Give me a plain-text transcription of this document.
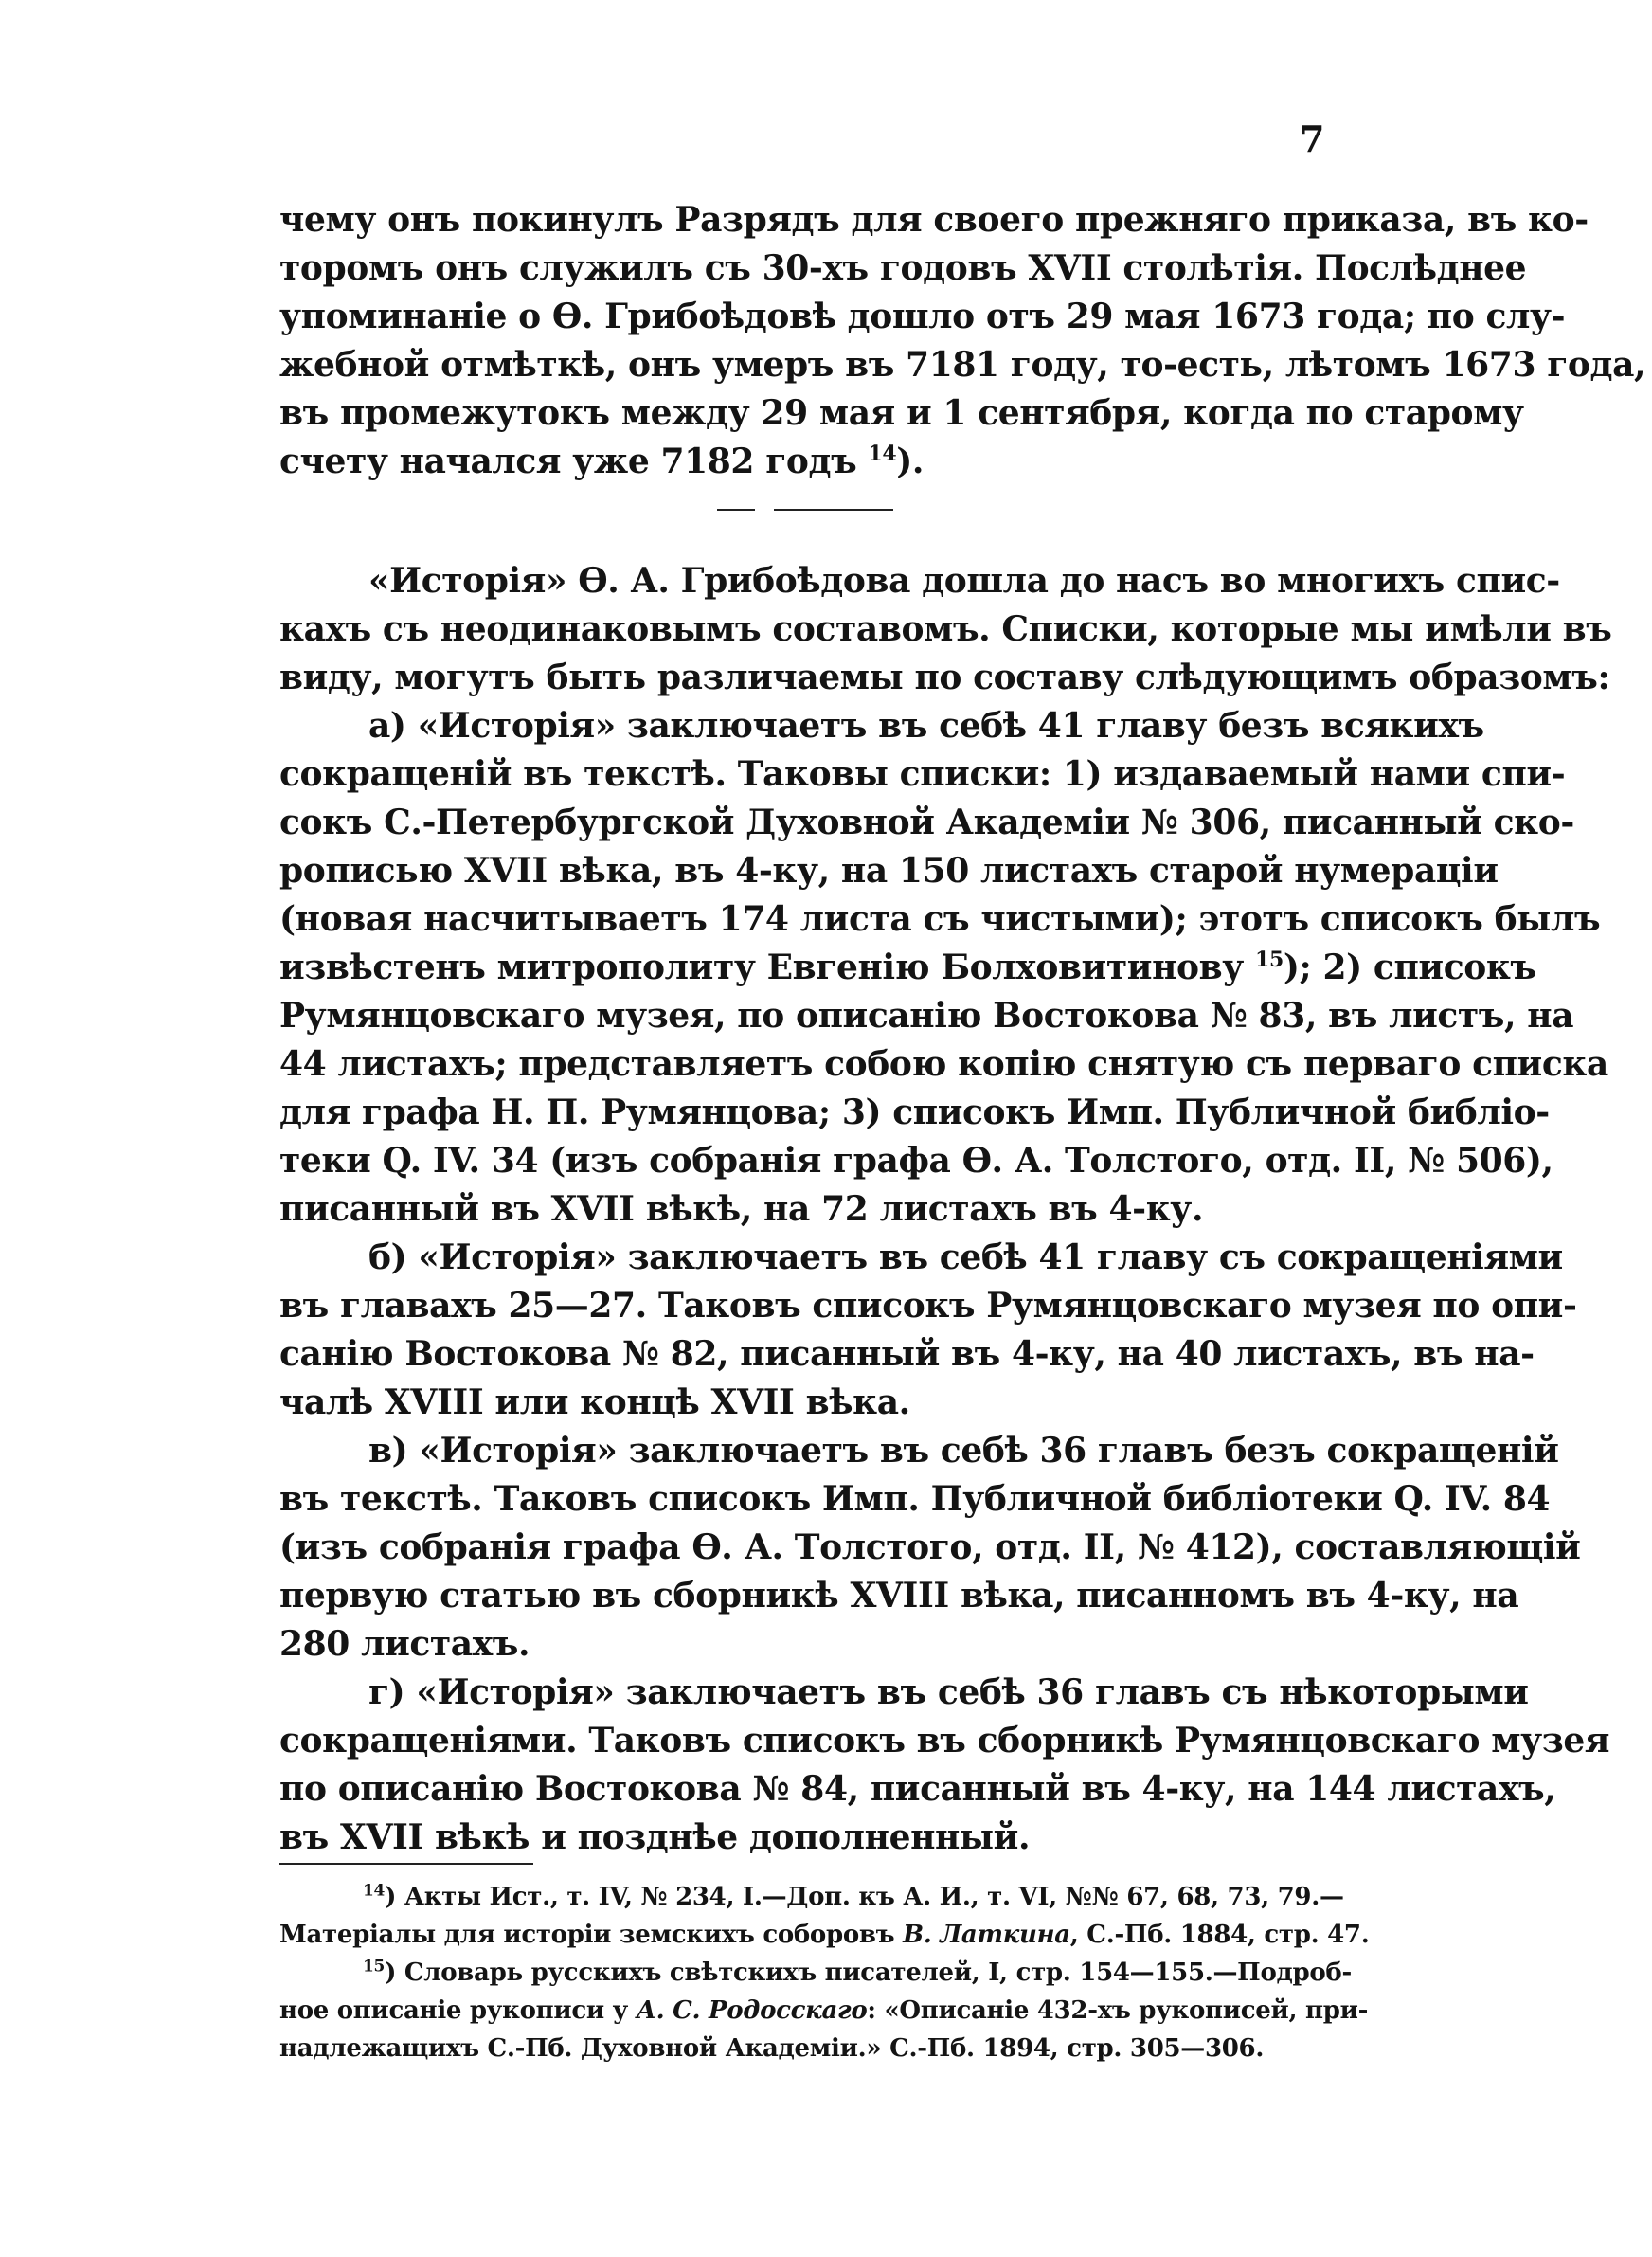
7
чему онъ покинулъ Разрядъ для своего прежняго приказа, въ ко-
торомъ онъ служилъ съ 30-хъ годовъ XVII столѣтія. Послѣднее
упоминаніе о Ѳ. Грибоѣдовѣ дошло отъ 29 мая 1673 года; по слу-
жебной отмѣткѣ, онъ умеръ въ 7181 году, то-есть, лѣтомъ 1673 года,
въ промежутокъ между 29 мая и 1 сентября, когда по старому
счету начался уже 7182 годъ $^{14}$).
«Исторія» Ѳ. А. Грибоѣдова дошла до насъ во многихъ спис-
кахъ съ неодинаковымъ составомъ. Списки, которые мы имѣли въ
виду, могутъ быть различаемы по составу слѣдующимъ образомъ:
а) «Исторія» заключаетъ въ себѣ 41 главу безъ всякихъ
сокращеній въ текстѣ. Таковы списки: 1) издаваемый нами спи-
сокъ С.-Петербургской Духовной Академіи № 306, писанный ско-
рописью XVII вѣка, въ 4-ку, на 150 листахъ старой нумераціи
(новая насчитываетъ 174 листа съ чистыми); этотъ списокъ былъ
извѣстенъ митрополиту Евгенію Болховитинову $^{15}$); 2) списокъ
Румянцовскаго музея, по описанію Востокова № 83, въ листъ, на
44 листахъ; представляетъ собою копію снятую съ перваго списка
для графа Н. П. Румянцова; 3) списокъ Имп. Публичной библіо-
теки Q. IV. 34 (изъ собранія графа Ѳ. А. Толстого, отд. II, № 506),
писанный въ XVII вѣкѣ, на 72 листахъ въ 4-ку.
б) «Исторія» заключаетъ въ себѣ 41 главу съ сокращеніями
въ главахъ 25—27. Таковъ списокъ Румянцовскаго музея по опи-
санію Востокова № 82, писанный въ 4-ку, на 40 листахъ, въ на-
чалѣ XVIII или концѣ XVII вѣка.
в) «Исторія» заключаетъ въ себѣ 36 главъ безъ сокращеній
въ текстѣ. Таковъ списокъ Имп. Публичной библіотеки Q. IV. 84
(изъ собранія графа Ѳ. А. Толстого, отд. II, № 412), составляющій
первую статью въ сборникѣ XVIII вѣка, писанномъ въ 4-ку, на
280 листахъ.
г) «Исторія» заключаетъ въ себѣ 36 главъ съ нѣкоторыми
сокращеніями. Таковъ списокъ въ сборникѣ Румянцовскаго музея
по описанію Востокова № 84, писанный въ 4-ку, на 144 листахъ,
въ XVII вѣкѣ и позднѣе дополненный.
$^{14}$) Акты Ист., т. IV, № 234, I.—Доп. къ А. И., т. VI, №№ 67, 68, 73, 79.—
Матеріалы для исторіи земскихъ соборовъ В. Латкина, С.-Пб. 1884, стр. 47.
$^{15}$) Словарь русскихъ свѣтскихъ писателей, I, стр. 154—155.—Подроб-
ное описаніе рукописи у А. С. Родосскаго: «Описаніе 432-хъ рукописей, при-
надлежащихъ С.-Пб. Духовной Академіи.» С.-Пб. 1894, стр. 305—306.
